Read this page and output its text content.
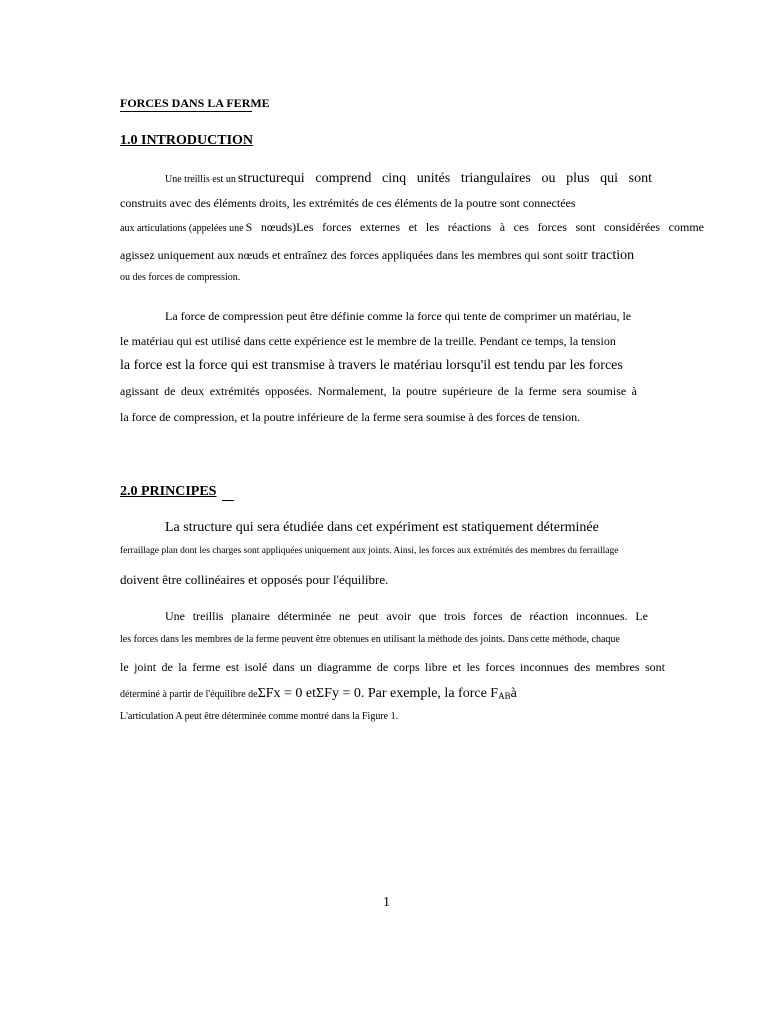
FORCES DANS LA FERME
1.0 INTRODUCTION
Une treillis est un structurequi comprend cinq unités triangulaires ou plus qui sont
construits avec des éléments droits, les extrémités de ces éléments de la poutre sont connectées
aux articulations (appelées une S nœuds)Les forces externes et les réactions à ces forces sont considérées comme
agissez uniquement aux nœuds et entraînez des forces appliquées dans les membres qui sont soitr traction
ou des forces de compression.
La force de compression peut être définie comme la force qui tente de comprimer un matériau, le
le matériau qui est utilisé dans cette expérience est le membre de la treille. Pendant ce temps, la tension
la force est la force qui est transmise à travers le matériau lorsqu'il est tendu par les forces
agissant de deux extrémités opposées. Normalement, la poutre supérieure de la ferme sera soumise à
la force de compression, et la poutre inférieure de la ferme sera soumise à des forces de tension.
2.0 PRINCIPES
La structure qui sera étudiée dans cet expériment est statiquement déterminée
ferraillage plan dont les charges sont appliquées uniquement aux joints. Ainsi, les forces aux extrémités des membres du ferraillage
doivent être collinéaires et opposés pour l'équilibre.
Une treillis planaire déterminée ne peut avoir que trois forces de réaction inconnues. Le
les forces dans les membres de la ferme peuvent être obtenues en utilisant la méthode des joints. Dans cette méthode, chaque
le joint de la ferme est isolé dans un diagramme de corps libre et les forces inconnues des membres sont
déterminé à partir de l'équilibre deΣFx = 0 etΣFy = 0. Par exemple, la force $F_{AB}à$
L'articulation A peut être déterminée comme montré dans la Figure 1.
1
